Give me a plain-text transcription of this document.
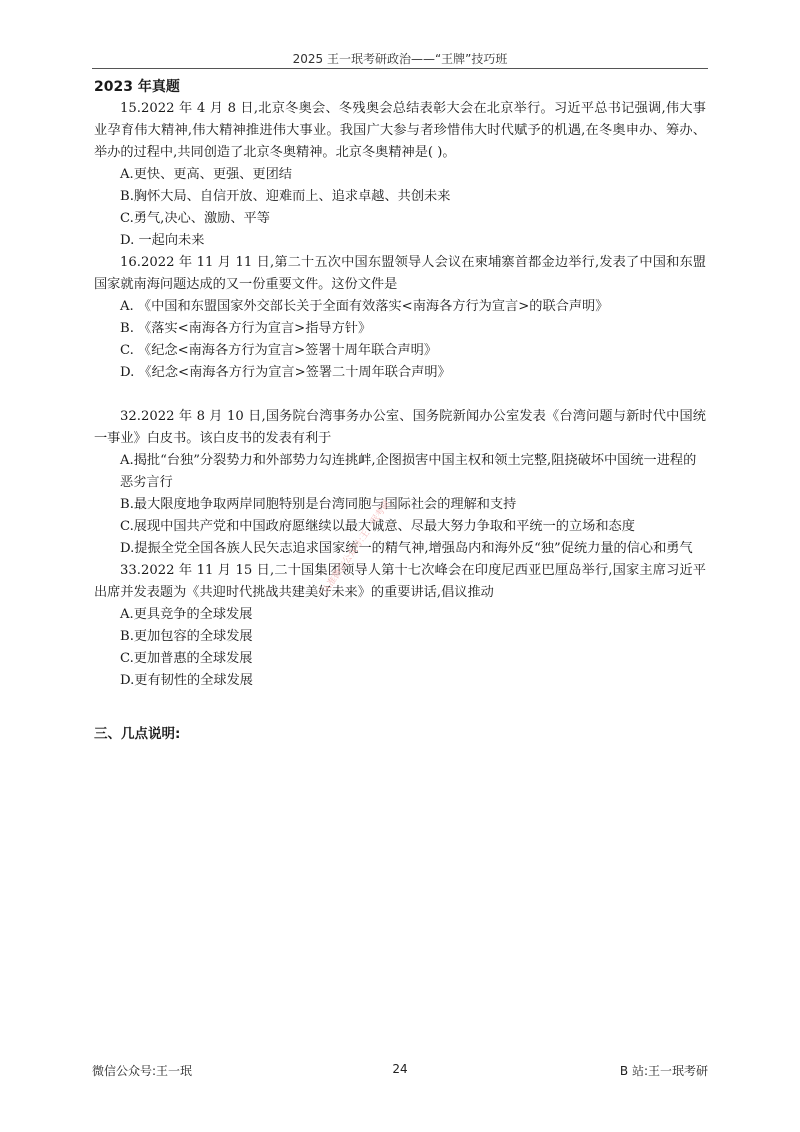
2025 王一珉考研政治——“王牌”技巧班
2023 年真题

15.2022 年 4 月 8 日,北京冬奥会、冬残奥会总结表彰大会在北京举行。习近平总书记强调,伟大事业孕育伟大精神,伟大精神推进伟大事业。我国广大参与者珍惜伟大时代赋予的机遇,在冬奥申办、筹办、举办的过程中,共同创造了北京冬奥精神。北京冬奥精神是( )。

A.更快、更高、更强、更团结

B.胸怀大局、自信开放、迎难而上、追求卓越、共创未来

C.勇气,决心、激励、平等

D. 一起向未来

16.2022 年 11 月 11 日,第二十五次中国东盟领导人会议在柬埔寨首都金边举行,发表了中国和东盟国家就南海问题达成的又一份重要文件。这份文件是

A. 《中国和东盟国家外交部长关于全面有效落实<南海各方行为宣言>的联合声明》

B. 《落实<南海各方行为宣言>指导方针》

C. 《纪念<南海各方行为宣言>签署十周年联合声明》

D. 《纪念<南海各方行为宣言>签署二十周年联合声明》

32.2022 年 8 月 10 日,国务院台湾事务办公室、国务院新闻办公室发表《台湾问题与新时代中国统一事业》白皮书。该白皮书的发表有利于

A.揭批“台独”分裂势力和外部势力勾连挑衅,企图损害中国主权和领土完整,阻挠破坏中国统一进程的恶劣言行

B.最大限度地争取两岸同胞特别是台湾同胞与国际社会的理解和支持

C.展现中国共产党和中国政府愿继续以最大诚意、尽最大努力争取和平统一的立场和态度

D.提振全党全国各族人民矢志追求国家统一的精气神,增强岛内和海外反“独”促统力量的信心和勇气

33.2022 年 11 月 15 日,二十国集团领导人第十七次峰会在印度尼西亚巴厘岛举行,国家主席习近平出席并发表题为《共迎时代挑战共建美好未来》的重要讲话,倡议推动

A.更具竞争的全球发展

B.更加包容的全球发展

C.更加普惠的全球发展

D.更有韧性的全球发展

认准微信公众号:王一珉考研
三、几点说明:
微信公众号:王一珉	24	B 站:王一珉考研
